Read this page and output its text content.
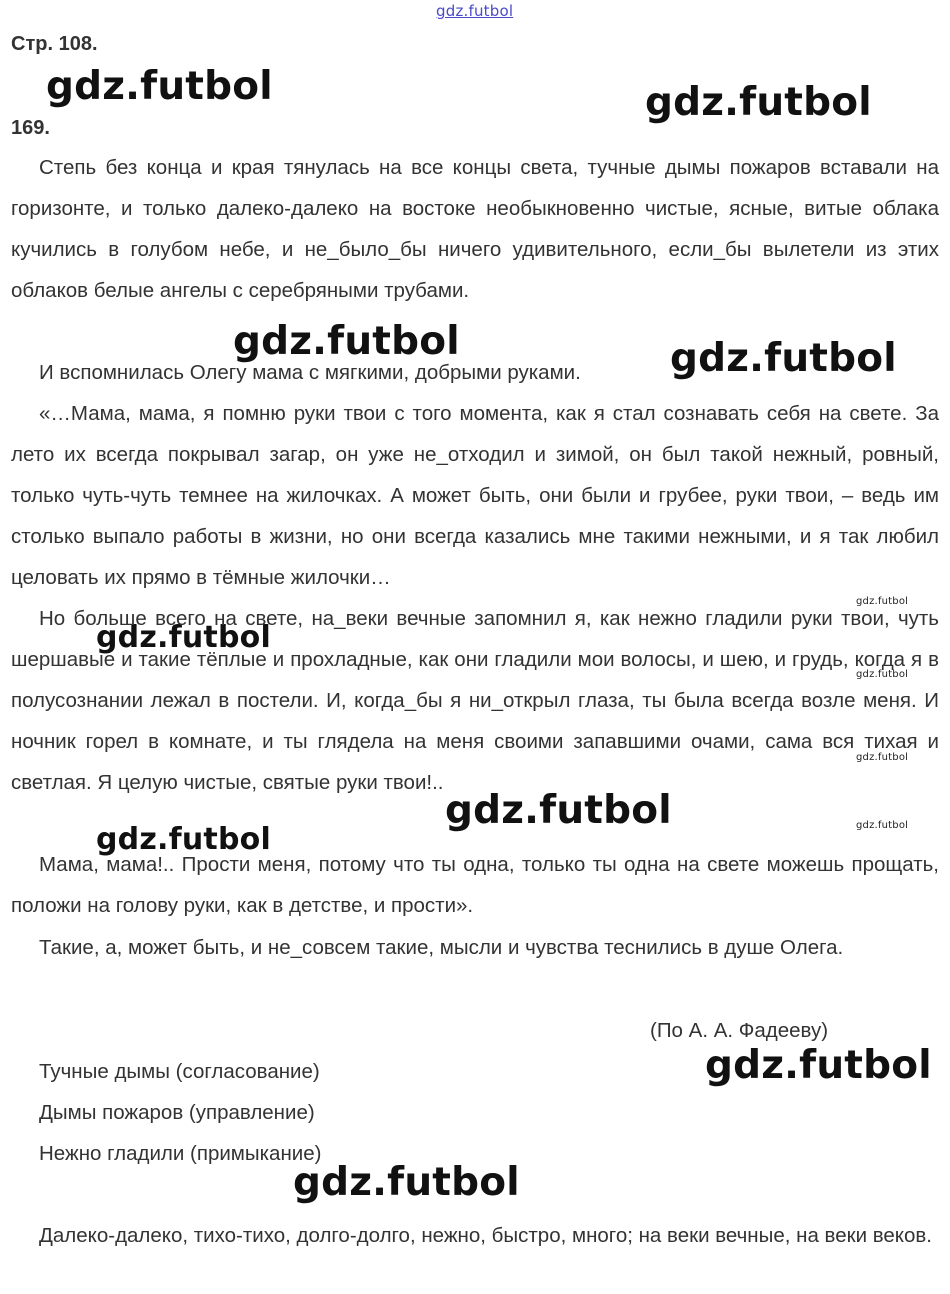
gdz.futbol
gdz.futbol	gdz.futbol
gdz.futbol	gdz.futbol
gdz.futbol
gdz.futbol
gdz.futbol
gdz.futbol
gdz.futbol	gdz.futbol
gdz.futbol
gdz.futbol
gdz.futbol
Стр. 108.
169.
Степь без конца и края тянулась на все концы света, тучные дымы пожаров вставали на горизонте, и только далеко-далеко на востоке необыкновенно чистые, ясные, витые облака кучились в голубом небе, и не_было_бы ничего удивительного, если_бы вылетели из этих облаков белые ангелы с серебряными трубами.
И вспомнилась Олегу мама с мягкими, добрыми руками.
«…Мама, мама, я помню руки твои с того момента, как я стал сознавать себя на свете. За лето их всегда покрывал загар, он уже не_отходил и зимой, он был такой нежный, ровный, только чуть-чуть темнее на жилочках. А может быть, они были и грубее, руки твои, – ведь им столько выпало работы в жизни, но они всегда казались мне такими нежными, и я так любил целовать их прямо в тёмные жилочки…
Но больше всего на свете, на_веки вечные запомнил я, как нежно гладили руки твои, чуть шершавые и такие тёплые и прохладные, как они гладили мои волосы, и шею, и грудь, когда я в полусознании лежал в постели. И, когда_бы я ни_открыл глаза, ты была всегда возле меня. И ночник горел в комнате, и ты глядела на меня своими запавшими очами, сама вся тихая и светлая. Я целую чистые, святые руки твои!..
Мама, мама!.. Прости меня, потому что ты одна, только ты одна на свете можешь прощать, положи на голову руки, как в детстве, и прости».
Такие, а, может быть, и не_совсем такие, мысли и чувства теснились в душе Олега.
(По А. А. Фадееву)
Тучные дымы (согласование)
Дымы пожаров (управление)
Нежно гладили (примыкание)
Далеко-далеко, тихо-тихо, долго-долго, нежно, быстро, много; на веки вечные, на веки веков.
